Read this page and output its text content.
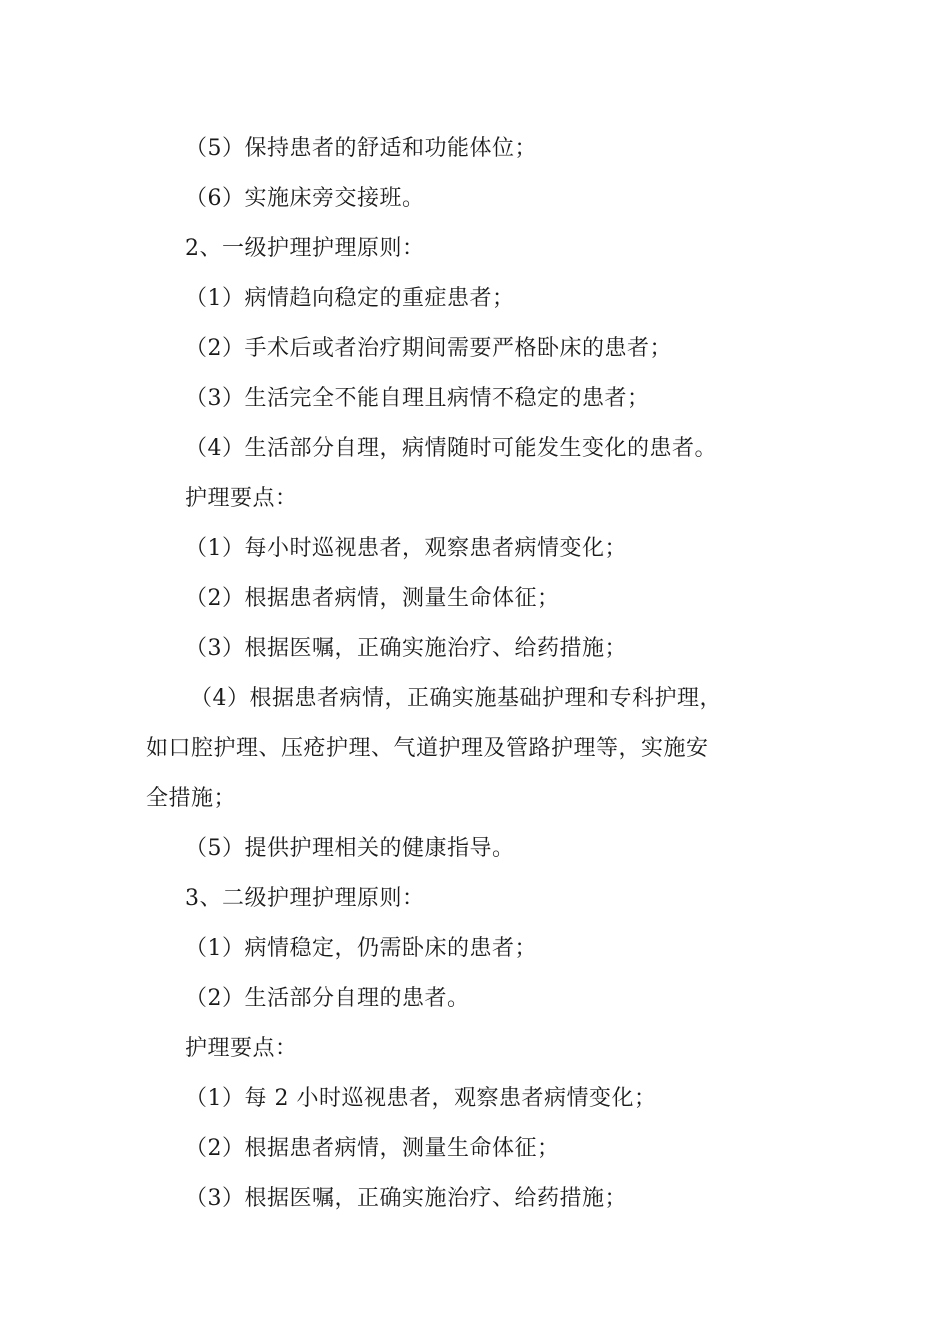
（5）保持患者的舒适和功能体位；
（6）实施床旁交接班。
2、一级护理护理原则：
（1）病情趋向稳定的重症患者；
（2）手术后或者治疗期间需要严格卧床的患者；
（3）生活完全不能自理且病情不稳定的患者；
（4）生活部分自理，病情随时可能发生变化的患者。
护理要点：
（1）每小时巡视患者，观察患者病情变化；
（2）根据患者病情，测量生命体征；
（3）根据医嘱，正确实施治疗、给药措施；
（4）根据患者病情，正确实施基础护理和专科护理，
如口腔护理、压疮护理、气道护理及管路护理等，实施安
全措施；
（5）提供护理相关的健康指导。
3、二级护理护理原则：
（1）病情稳定，仍需卧床的患者；
（2）生活部分自理的患者。
护理要点：
（1）每 2 小时巡视患者，观察患者病情变化；
（2）根据患者病情，测量生命体征；
（3）根据医嘱，正确实施治疗、给药措施；
